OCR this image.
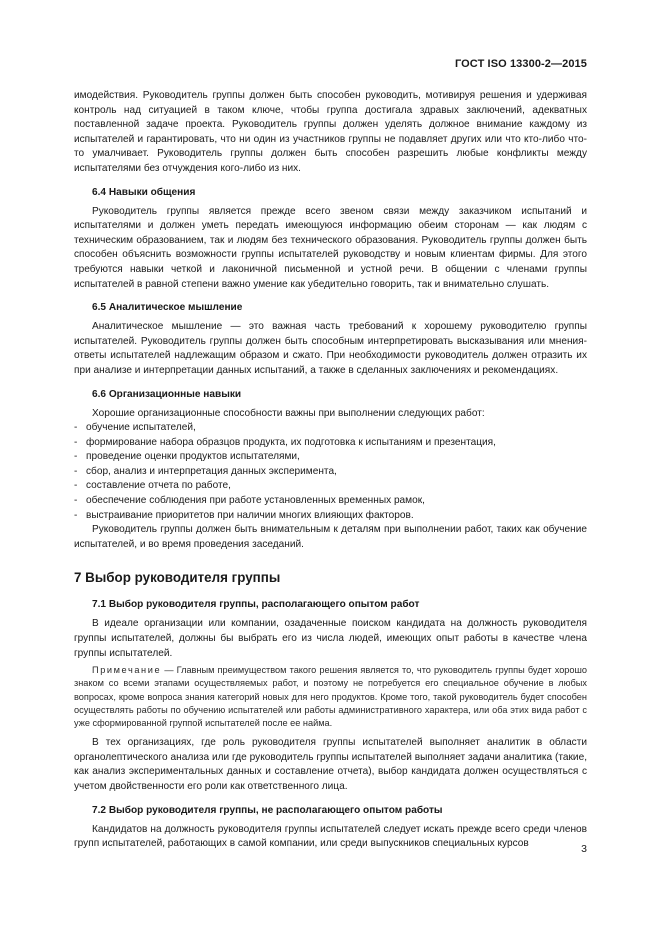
ГОСТ ISO 13300-2—2015

имодействия. Руководитель группы должен быть способен руководить, мотивируя решения и удерживая контроль над ситуацией в таком ключе, чтобы группа достигала здравых заключений, адекватных поставленной задаче проекта. Руководитель группы должен уделять должное внимание каждому из испытателей и гарантировать, что ни один из участников группы не подавляет других или что кто-либо что-то умалчивает. Руководитель группы должен быть способен разрешить любые конфликты между испытателями без отчуждения кого-либо из них.

6.4 Навыки общения

Руководитель группы является прежде всего звеном связи между заказчиком испытаний и испытателями и должен уметь передать имеющуюся информацию обеим сторонам — как людям с техническим образованием, так и людям без технического образования. Руководитель группы должен быть способен объяснить возможности группы испытателей руководству и новым клиентам фирмы. Для этого требуются навыки четкой и лаконичной письменной и устной речи. В общении с членами группы испытателей в равной степени важно умение как убедительно говорить, так и внимательно слушать.

6.5 Аналитическое мышление

Аналитическое мышление — это важная часть требований к хорошему руководителю группы испытателей. Руководитель группы должен быть способным интерпретировать высказывания или мнения-ответы испытателей надлежащим образом и сжато. При необходимости руководитель должен отразить их при анализе и интерпретации данных испытаний, а также в сделанных заключениях и рекомендациях.

6.6 Организационные навыки

Хорошие организационные способности важны при выполнении следующих работ:

- обучение испытателей,
- формирование набора образцов продукта, их подготовка к испытаниям и презентация,
- проведение оценки продуктов испытателями,
- сбор, анализ и интерпретация данных эксперимента,
- составление отчета по работе,
- обеспечение соблюдения при работе установленных временных рамок,
- выстраивание приоритетов при наличии многих влияющих факторов.

Руководитель группы должен быть внимательным к деталям при выполнении работ, таких как обучение испытателей, и во время проведения заседаний.

7 Выбор руководителя группы
7.1 Выбор руководителя группы, располагающего опытом работ

В идеале организации или компании, озадаченные поиском кандидата на должность руководителя группы испытателей, должны бы выбрать его из числа людей, имеющих опыт работы в качестве члена группы испытателей.

Примечание — Главным преимуществом такого решения является то, что руководитель группы будет хорошо знаком со всеми этапами осуществляемых работ, и поэтому не потребуется его специальное обучение в любых вопросах, кроме вопроса знания категорий новых для него продуктов. Кроме того, такой руководитель будет способен осуществлять работы по обучению испытателей или работы административного характера, или оба этих вида работ с уже сформированной группой испытателей после ее найма.

В тех организациях, где роль руководителя группы испытателей выполняет аналитик в области органолептического анализа или где руководитель группы испытателей выполняет задачи аналитика (такие, как анализ экспериментальных данных и составление отчета), выбор кандидата должен осуществляться с учетом двойственности его роли как ответственного лица.

7.2 Выбор руководителя группы, не располагающего опытом работы

Кандидатов на должность руководителя группы испытателей следует искать прежде всего среди членов групп испытателей, работающих в самой компании, или среди выпускников специальных курсов	3
